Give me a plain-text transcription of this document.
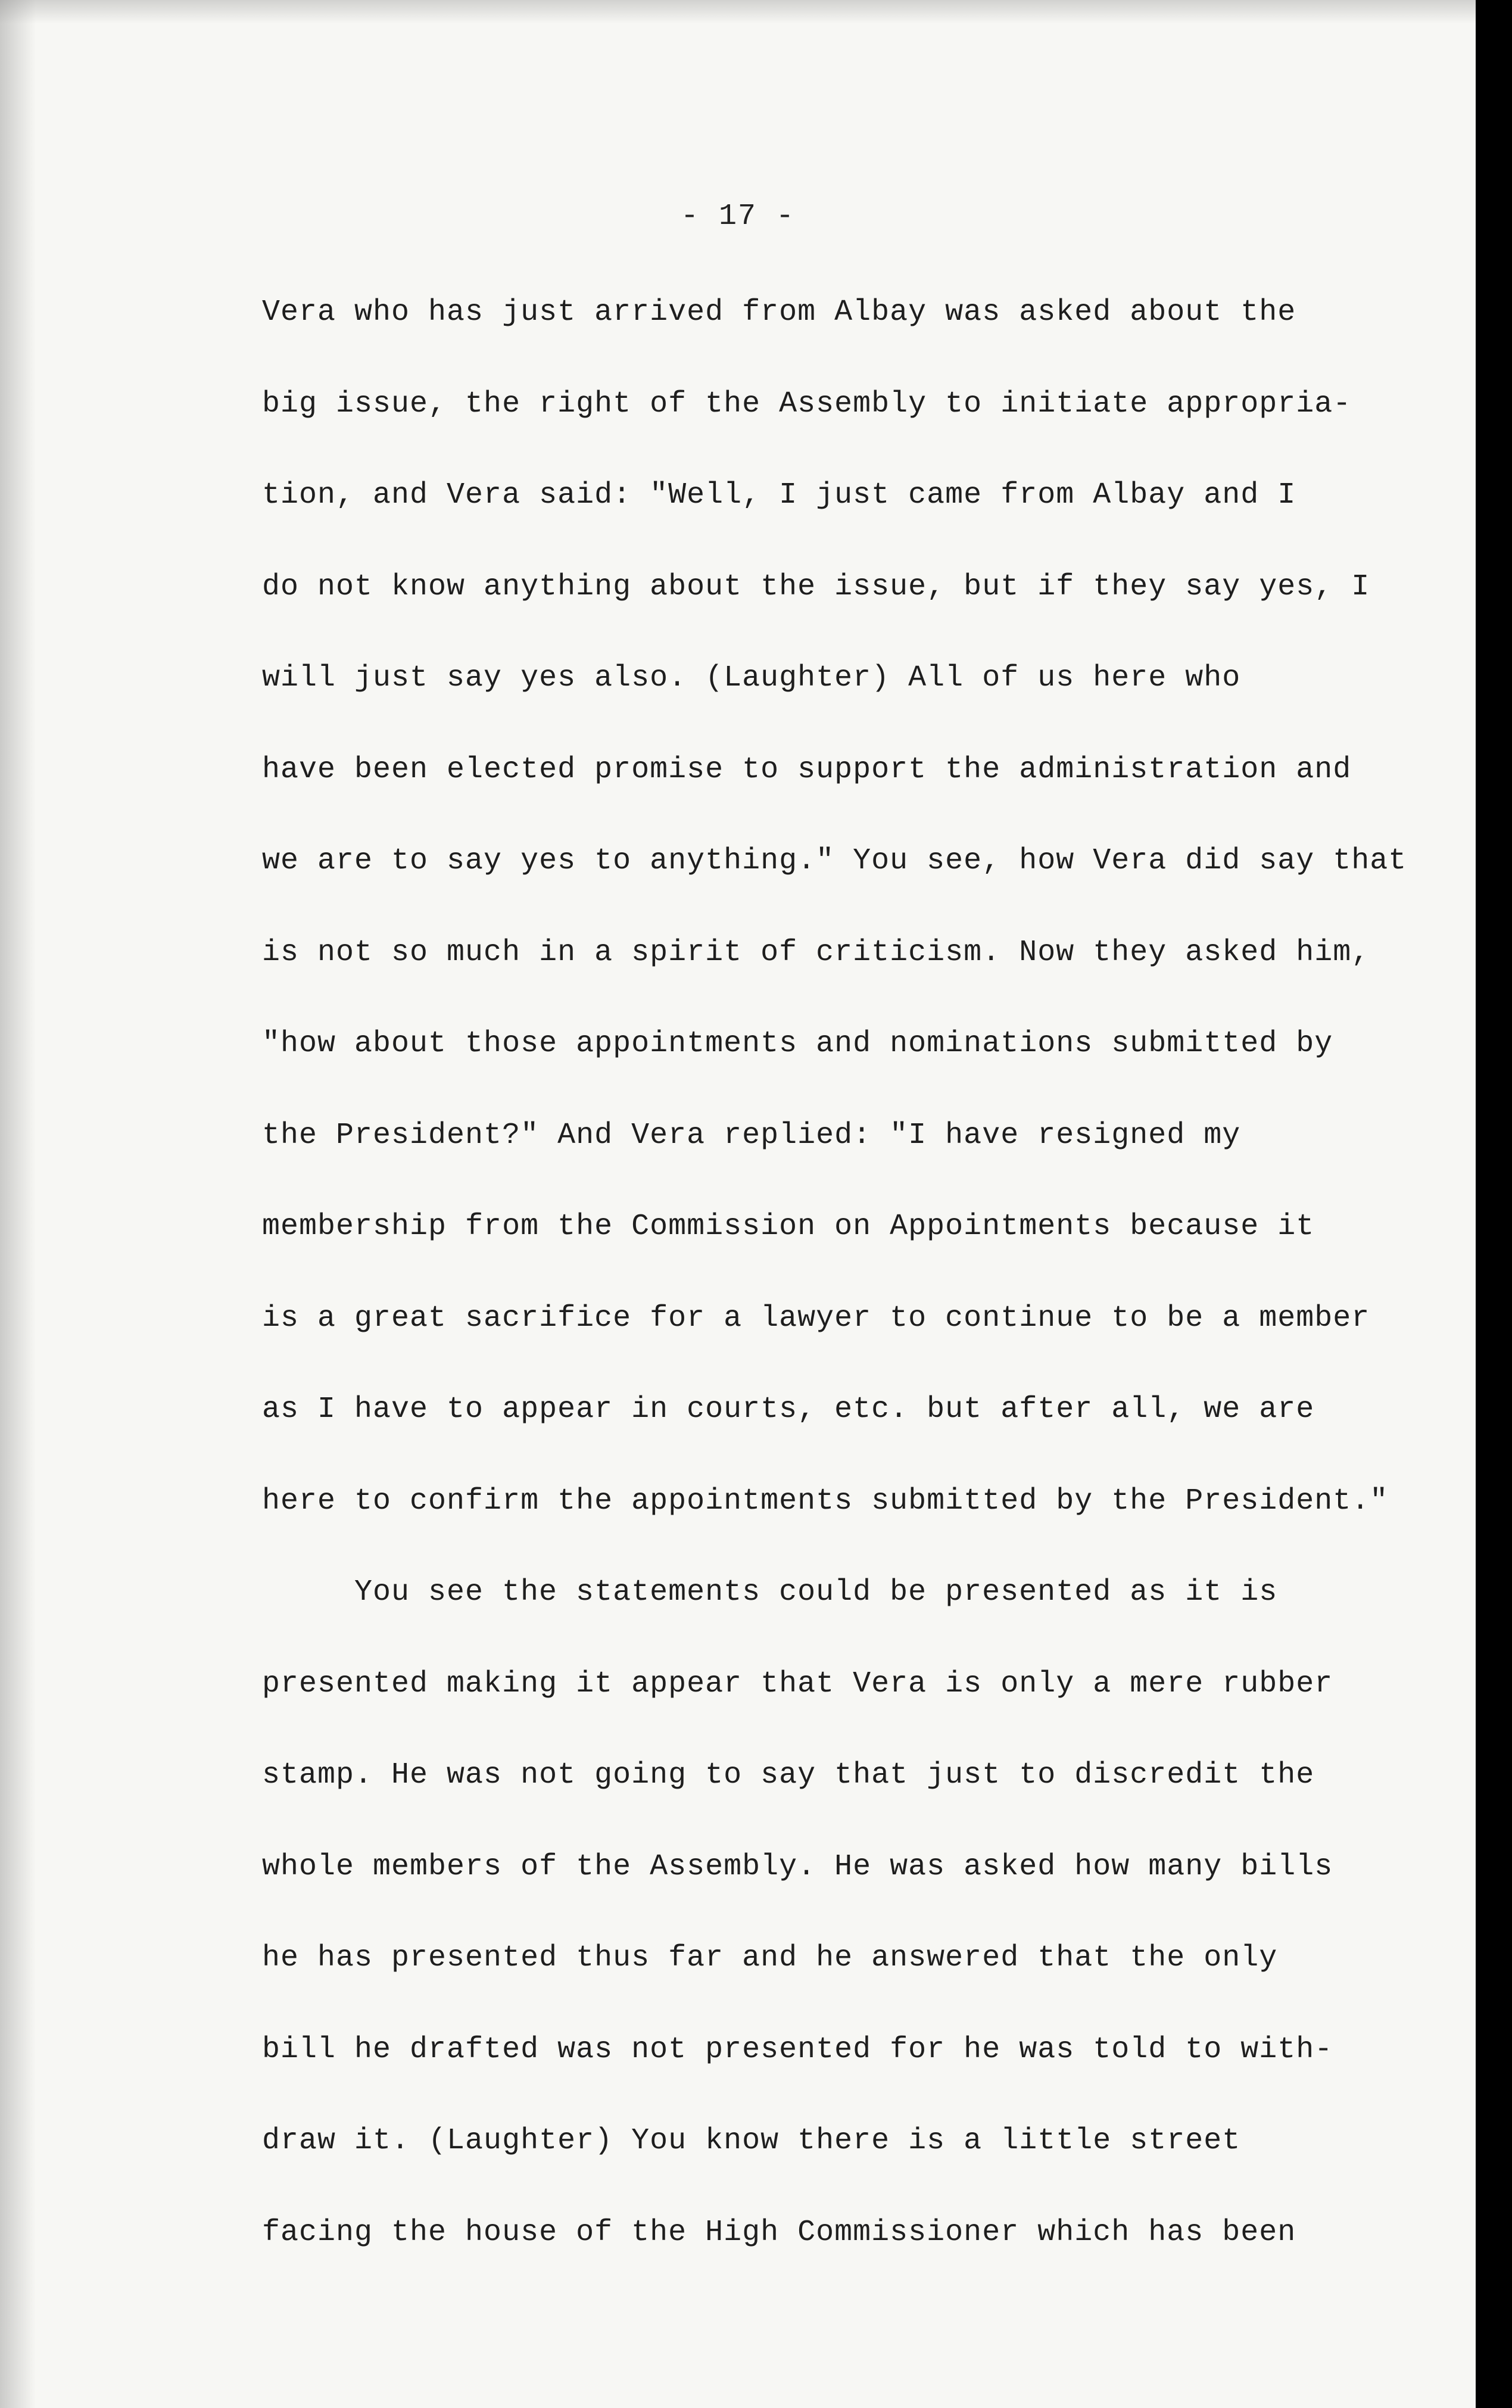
- 17 -

Vera who has just arrived from Albay was asked about the
big issue, the right of the Assembly to initiate appropria-
tion, and Vera said: "Well, I just came from Albay and I
do not know anything about the issue, but if they say yes, I
will just say yes also. (Laughter) All of us here who
have been elected promise to support the administration and
we are to say yes to anything." You see, how Vera did say that
is not so much in a spirit of criticism. Now they asked him,
"how about those appointments and nominations submitted by
the President?" And Vera replied: "I have resigned my
membership from the Commission on Appointments because it
is a great sacrifice for a lawyer to continue to be a member
as I have to appear in courts, etc. but after all, we are
here to confirm the appointments submitted by the President."
You see the statements could be presented as it is
presented making it appear that Vera is only a mere rubber
stamp. He was not going to say that just to discredit the
whole members of the Assembly. He was asked how many bills
he has presented thus far and he answered that the only
bill he drafted was not presented for he was told to with-
draw it. (Laughter) You know there is a little street
facing the house of the High Commissioner which has been
